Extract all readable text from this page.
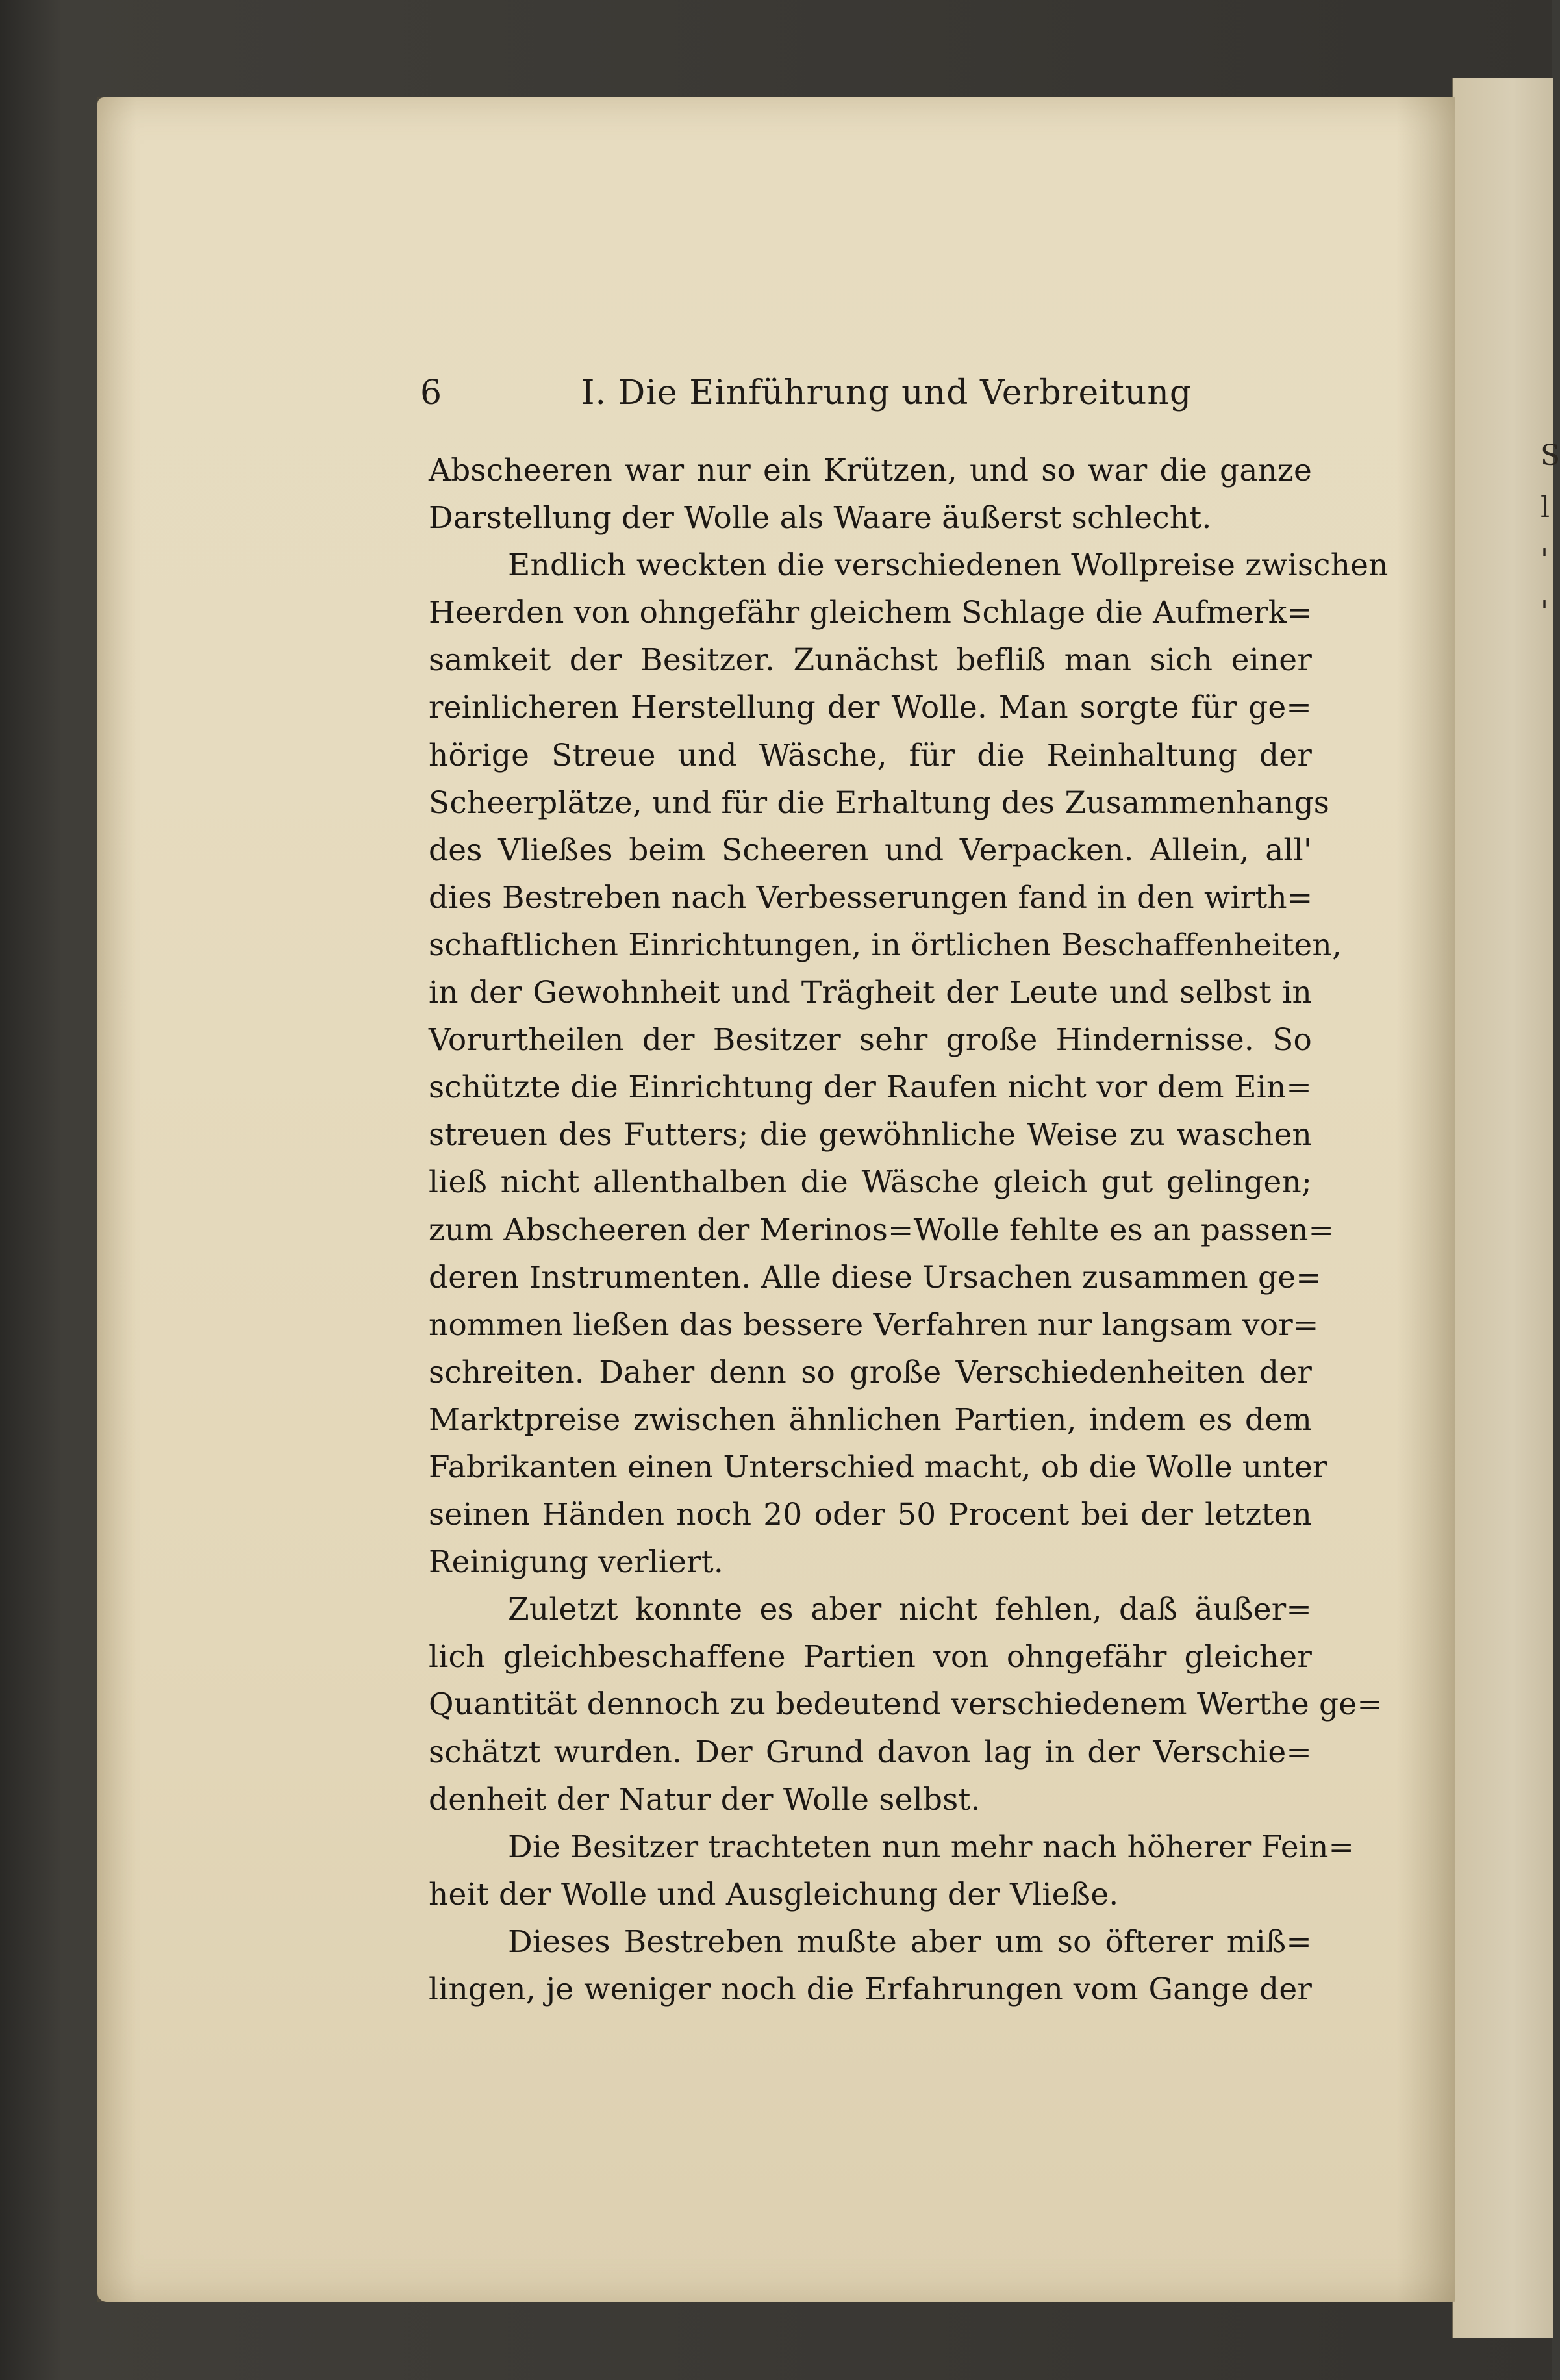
S
l
'
'
6	I. Die Einführung und Verbreitung
Abscheeren war nur ein Krützen, und so war die ganze
Darstellung der Wolle als Waare äußerst schlecht.
Endlich weckten die verschiedenen Wollpreise zwischen
Heerden von ohngefähr gleichem Schlage die Aufmerk=
samkeit der Besitzer. Zunächst befliß man sich einer
reinlicheren Herstellung der Wolle. Man sorgte für ge=
hörige Streue und Wäsche, für die Reinhaltung der
Scheerplätze, und für die Erhaltung des Zusammenhangs
des Vließes beim Scheeren und Verpacken. Allein, all'
dies Bestreben nach Verbesserungen fand in den wirth=
schaftlichen Einrichtungen, in örtlichen Beschaffenheiten,
in der Gewohnheit und Trägheit der Leute und selbst in
Vorurtheilen der Besitzer sehr große Hindernisse. So
schützte die Einrichtung der Raufen nicht vor dem Ein=
streuen des Futters; die gewöhnliche Weise zu waschen
ließ nicht allenthalben die Wäsche gleich gut gelingen;
zum Abscheeren der Merinos=Wolle fehlte es an passen=
deren Instrumenten. Alle diese Ursachen zusammen ge=
nommen ließen das bessere Verfahren nur langsam vor=
schreiten. Daher denn so große Verschiedenheiten der
Marktpreise zwischen ähnlichen Partien, indem es dem
Fabrikanten einen Unterschied macht, ob die Wolle unter
seinen Händen noch 20 oder 50 Procent bei der letzten
Reinigung verliert.
Zuletzt konnte es aber nicht fehlen, daß äußer=
lich gleichbeschaffene Partien von ohngefähr gleicher
Quantität dennoch zu bedeutend verschiedenem Werthe ge=
schätzt wurden. Der Grund davon lag in der Verschie=
denheit der Natur der Wolle selbst.
Die Besitzer trachteten nun mehr nach höherer Fein=
heit der Wolle und Ausgleichung der Vließe.
Dieses Bestreben mußte aber um so öfterer miß=
lingen, je weniger noch die Erfahrungen vom Gange der
